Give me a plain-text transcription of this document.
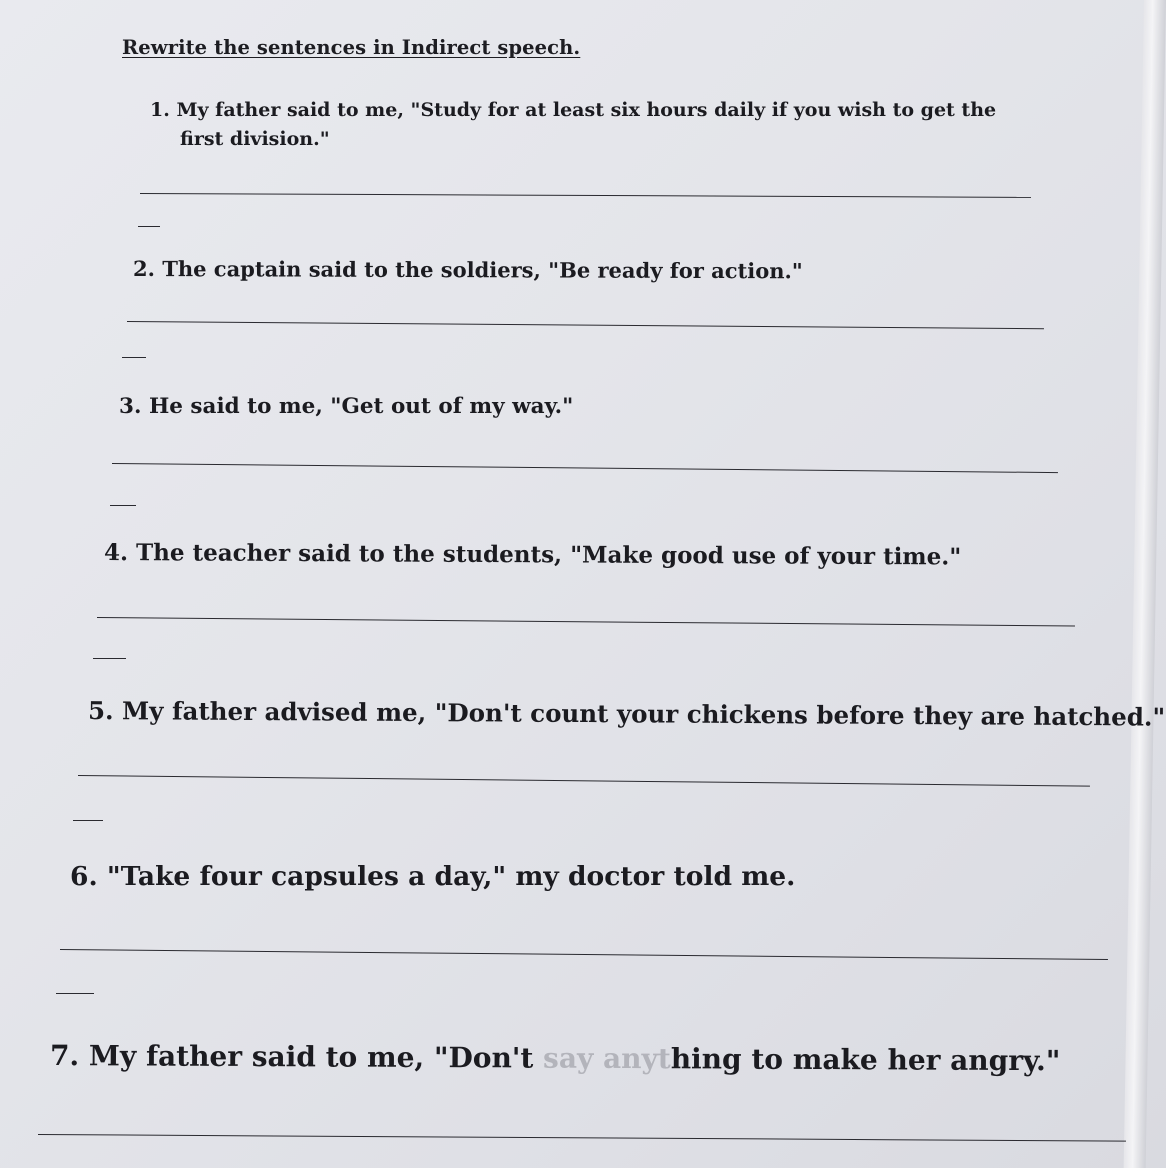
Rewrite the sentences in Indirect speech.
1. My father said to me, "Study for at least six hours daily if you wish to get the
first division."
2. The captain said to the soldiers, "Be ready for action."
3. He said to me, "Get out of my way."
4. The teacher said to the students, "Make good use of your time."
5. My father advised me, "Don't count your chickens before they are hatched."
6. "Take four capsules a day," my doctor told me.
7. My father said to me, "Don't say anything to make her angry."
